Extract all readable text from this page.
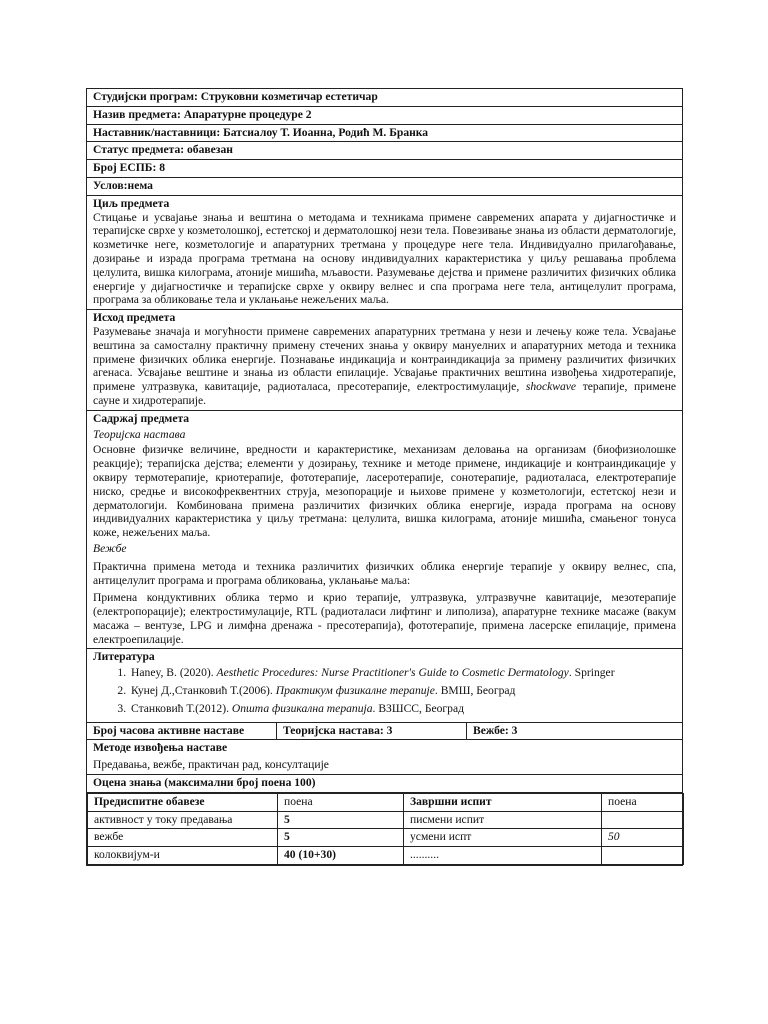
Студијски програм: Струковни козметичар естетичар
Назив предмета: Апаратурне процедуре 2
Наставник/наставници: Батсиалоу Т. Иоанна, Родић М. Бранка
Статус предмета: обавезан
Број ЕСПБ: 8
Услов:нема

Циљ предмета

Стицање и усвајање знања и вештина о методама и техникама примене савремених апарата у дијагностичке и терапијске сврхе у козметолошкој, естетској и дерматолошкој нези тела. Повезивање знања из области дерматологије, козметичке неге, козметологије и апаратурних третмана у процедуре неге тела. Индивидуално прилагођавање, дозирање и израда програма третмана на основу индивидуалних карактеристика у циљу решавања проблема целулита, вишка килограма, атоније мишића, мљавости. Разумевање дејства и примене различитих физичких облика енергије у дијагностичке и терапијске сврхе у оквиру велнес и спа програма неге тела, антицелулит програма, програма за обликовање тела и уклањање нежељених маља.

Исход предмета

Разумевање значаја и могућности примене савремених апаратурних третмана у нези и лечењу коже тела. Усвајање вештина за самосталну практичну примену стечених знања у оквиру мануелних и апаратурних метода и техника примене физичких облика енергије. Познавање индикација и контраиндикација за примену различитих физичких агенаса. Усвајање вештине и знања из области епилације. Усвајање практичних вештина извођења хидротерапије, примене ултразвука, кавитације, радиоталаса, пресотерапије, електростимулације, shockwave терапије, примене сауне и хидротерапије.

Садржај предмета

Теоријска настава

Основне физичке величине, вредности и карактеристике, механизам деловања на организам (биофизиолошке реакције); терапијска дејства; елементи у дозирању, технике и методе примене, индикације и контраиндикације у оквиру термотерапије, криотерапије, фототерапије, ласеротерапије, сонотерапије, радиоталаса, електротерапије ниско, средње и високофреквентних струја, мезопорације и њихове примене у козметологији, естетској нези и дерматологији. Комбинована примена различитих физичких облика енергије, израда програма на основу индивидуалних карактеристика у циљу третмана: целулита, вишка килограма, атоније мишића, смањеног тонуса коже, нежељених маља.

Вежбе

Практична примена метода и техника различитих физичких облика енергије терапије у оквиру велнес, спа, антицелулит програма и програма обликовања, уклањање маља:

Примена кондуктивних облика термо и крио терапије, ултразвука, ултразвучне кавитације, мезотерапије (електропорације); електростимулације, RTL (радиоталаси лифтинг и липолиза), апаратурне технике масаже (вакум масажа – вентузе, LPG и лимфна дренажа - пресотерапија), фототерапије, примена ласерске епилације, примена електроепилације.

Литература

1. Haney, B. (2020). Aesthetic Procedures: Nurse Practitioner's Guide to Cosmetic Dermatology. Springer
2. Кунеј Д.,Станковић Т.(2006). Практикум физикалне терапије. ВМШ, Београд
3. Станковић Т.(2012). Општа физикална терапија. ВЗШСС, Београд

Број часова активне наставе	Теоријска настава: 3	Вежбе: 3

Методе извођења наставе

Предавања, вежбе, практичан рад, консултације

Оцена знања (максимални број поена 100)

Предиспитне обавезе	поена	Завршни испит	поена
активност у току предавања	5	писмени испит	
вежбе	5	усмени испт	50
колоквијум-и	40 (10+30)	..........	
